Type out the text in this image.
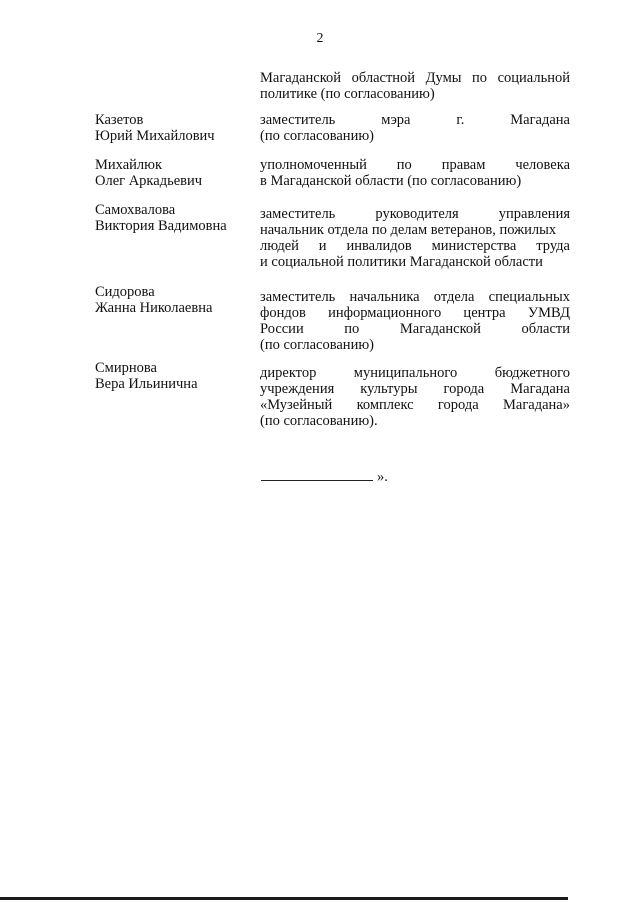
2
Магаданской областной Думы по социальной
политике (по согласованию)
Казетов
Юрий Михайлович
заместитель мэра г. Магадана
(по согласованию)
Михайлюк
Олег Аркадьевич
уполномоченный по правам человека
в Магаданской области (по согласованию)
Самохвалова
Виктория Вадимовна
заместитель руководителя управления
начальник отдела по делам ветеранов, пожилых
людей и инвалидов министерства труда
и социальной политики Магаданской области
Сидорова
Жанна Николаевна
заместитель начальника отдела специальных
фондов информационного центра УМВД
России по Магаданской области
(по согласованию)
Смирнова
Вера Ильинична
директор муниципального бюджетного
учреждения культуры города Магадана
«Музейный комплекс города Магадана»
(по согласованию).
».
